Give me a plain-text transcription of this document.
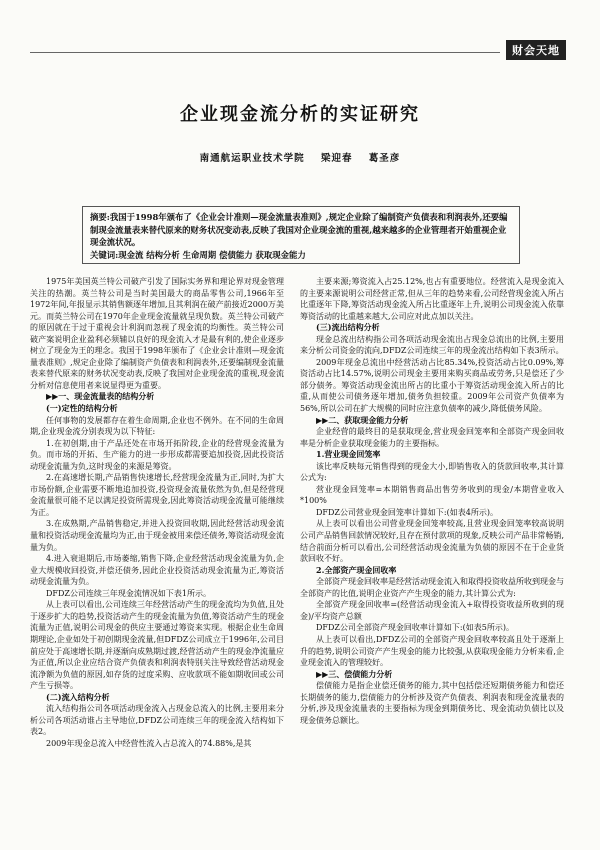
财会天地
企业现金流分析的实证研究
南通航运职业技术学院 梁迎春 葛圣彦
摘要:我国于1998年颁布了《企业会计准则—现金流量表准则》,规定企业除了编制资产负债表和利润表外,还要编制现金流量表来替代原来的财务状况变动表,反映了我国对企业现金流的重视,越来越多的企业管理者开始重视企业现金流状况。
关键词:现金流 结构分析 生命周期 偿债能力 获取现金能力

1975年美国英兰特公司破产引发了国际实务界和理论界对现金管理关注的热潮。英兰特公司是当时美国最大的商品零售公司,1966年至1972年间,年报显示其销售额逐年增加,且其利润在破产前接近2000万美元。而英兰特公司在1970年企业现金流量就呈现负数。英兰特公司破产的原因就在于过于重视会计利润而忽视了现金流的均衡性。英兰特公司破产案说明企业盈利必须辅以良好的现金流入才是最有利的,使企业逐步树立了现金为王的理念。我国于1998年颁布了《企业会计准则—现金流量表准则》,规定企业除了编制资产负债表和利润表外,还要编制现金流量表来替代原来的财务状况变动表,反映了我国对企业现金流的重视,现金流分析对信息使用者来说显得更为重要。

▶▶一、现金流量表的结构分析

(一)定性的结构分析

任何事物的发展都存在着生命周期,企业也不例外。在不同的生命周期,企业现金流分别表现为以下特征:

1.在初创期,由于产品还处在市场开拓阶段,企业的经营现金流量为负。而市场的开拓、生产能力的进一步形成都需要追加投资,因此投资活动现金流量为负,这时现金的来源是筹资。

2.在高速增长期,产品销售快速增长,经营现金流量为正,同时,为扩大市场份额,企业需要不断地追加投资,投资现金流量依然为负,但是经营现金流量很可能不足以满足投资所需现金,因此筹资活动现金流量可能继续为正。

3.在成熟期,产品销售稳定,并进入投资回收期,因此经营活动现金流量和投资活动现金流量均为正,由于现金被用来偿还债务,筹资活动现金流量为负。

4.进入衰退期后,市场萎缩,销售下降,企业经营活动现金流量为负,企业大规模收回投资,并偿还债务,因此企业投资活动现金流量为正,筹资活动现金流量为负。

DFDZ公司连续三年现金流情况如下表1所示。

从上表可以看出,公司连续三年经营活动产生的现金流均为负值,且处于逐步扩大的趋势,投资活动产生的现金流量为负值,筹资活动产生的现金流量为正值,说明公司现金的供应主要通过筹资来实现。根据企业生命周期理论,企业如处于初创期现金流量,但DFDZ公司成立于1996年,公司目前应处于高速增长期,并逐渐向成熟期过渡,经营活动产生的现金净流量应为正值,所以企业应结合资产负债表和利润表特别关注导致经营活动现金流净额为负值的原因,如存货的过度采购、应收款项不能如期收回或公司产生亏损等。

(二)流入结构分析

流入结构指公司各项活动现金流入占现金总流入的比例,主要用来分析公司各项活动谁占主导地位,DFDZ公司连续三年的现金流入结构如下表2。

2009年现金总流入中经营性流入占总流入的74.88%,是其

主要来源;筹资流入占25.12%,也占有重要地位。经营流入是现金流入的主要来源说明公司经营正常,但从三年的趋势来看,公司经营现金流入所占比重逐年下降,筹资活动现金流入所占比重逐年上升,说明公司现金流入依靠筹资活动的比重越来越大,公司应对此点加以关注。

(三)流出结构分析

现金总流出结构指公司各项活动现金流出占现金总流出的比例,主要用来分析公司资金的流向,DFDZ公司连续三年的现金流出结构如下表3所示。

2009年现金总流出中经营活动占比85.34%,投资活动占比0.09%,筹资活动占比14.57%,说明公司现金主要用来购买商品或劳务,只是偿还了少部分债务。筹资活动现金流出所占的比重小于筹资活动现金流入所占的比重,从而使公司债务逐年增加,债务负担较重。2009年公司资产负债率为56%,所以公司在扩大规模的同时应注意负债率的减少,降低债务风险。

▶▶二、获取现金能力分析

企业经营的最终目的是获取现金,营业现金回笼率和全部资产现金回收率是分析企业获取现金能力的主要指标。

1.营业现金回笼率

该比率反映每元销售得到的现金大小,即销售收入的货款回收率,其计算公式为:

营业现金回笼率=本期销售商品出售劳务收到的现金/本期营业收入*100%

DFDZ公司营业现金回笼率计算如下:(如表4所示)。

从上表可以看出公司营业现金回笼率较高,且营业现金回笼率较高说明公司产品销售回款情况较好,且存在预付款项的现象,反映公司产品非常畅销,结合前面分析可以看出,公司经营活动现金流量为负债的原因不在于企业货款回收不好。

2.全部资产现金回收率

全部资产现金回收率是经营活动现金流入和取得投资收益所收到现金与全部资产的比值,说明企业资产产生现金的能力,其计算公式为:

全部资产现金回收率=(经营活动现金流入+取得投资收益所收到的现金)/平均资产总额

DFDZ公司全部资产现金回收率计算如下:(如表5所示)。

从上表可以看出,DFDZ公司的全部资产现金回收率较高且处于逐渐上升的趋势,说明公司资产产生现金的能力比较强,从获取现金能力分析来看,企业现金流入的管理较好。

▶▶三、偿债能力分析

偿债能力是指企业偿还债务的能力,其中包括偿还短期债务能力和偿还长期债务的能力,偿债能力的分析涉及资产负债表、利润表和现金流量表的分析,涉及现金流量表的主要指标为现金到期债务比、现金流动负债比以及现金债务总额比。
